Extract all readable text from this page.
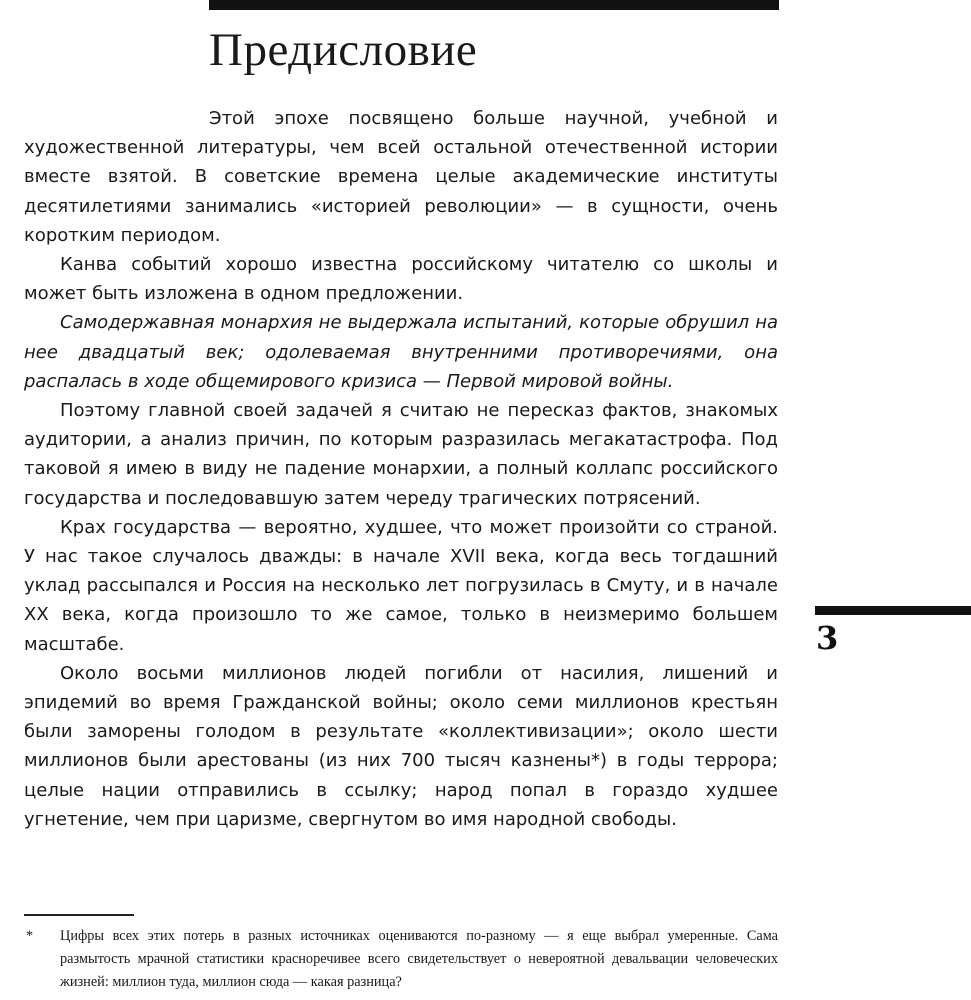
Предисловие

Этой эпохе посвящено больше научной, учебной и художественной литературы, чем всей остальной отечественной истории вместе взятой. В советские времена целые академические институты десятилетиями занимались «историей революции» — в сущности, очень коротким периодом.

Канва событий хорошо известна российскому читателю со школы и может быть изложена в одном предложении.

Самодержавная монархия не выдержала испытаний, которые обрушил на нее двадцатый век; одолеваемая внутренними противоречиями, она распалась в ходе общемирового кризиса — Первой мировой войны.

Поэтому главной своей задачей я считаю не пересказ фактов, знакомых аудитории, а анализ причин, по которым разразилась мегакатастрофа. Под таковой я имею в виду не падение монархии, а полный коллапс российского государства и последовавшую затем череду трагических потрясений.

Крах государства — вероятно, худшее, что может произойти со страной. У нас такое случалось дважды: в начале XVII века, когда весь тогдашний уклад рассыпался и Россия на несколько лет погрузилась в Смуту, и в начале XX века, когда произошло то же самое, только в неизмеримо большем масштабе.

Около восьми миллионов людей погибли от насилия, лишений и эпидемий во время Гражданской войны; около семи миллионов крестьян были заморены голодом в результате «коллективизации»; около шести миллионов были арестованы (из них 700 тысяч казнены*) в годы террора; целые нации отправились в ссылку; народ попал в гораздо худшее угнетение, чем при царизме, свергнутом во имя народной свободы.

* Цифры всех этих потерь в разных источниках оцениваются по-разному — я еще выбрал умеренные. Сама размытость мрачной статистики красноречивее всего свидетельствует о невероятной девальвации человеческих жизней: миллион туда, миллион сюда — какая разница?

3
